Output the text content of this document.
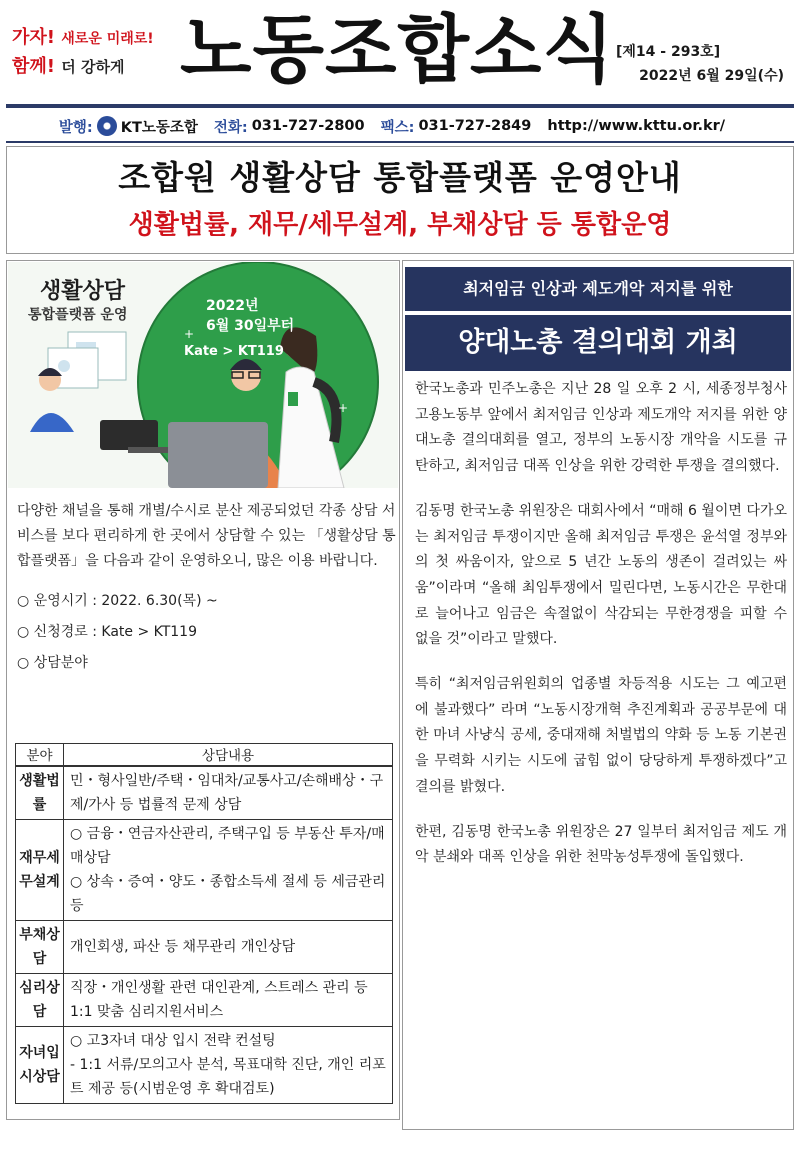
가자! 새로운 미래로!
함께! 더 강하게 노동조합소식 [제14 - 293호]
2022년 6월 29일(수)
발행: KT노동조합 전화: 031-727-2800 팩스: 031-727-2849 http://www.kttu.or.kr/
조합원 생활상담 통합플랫폼 운영안내
생활법률, 재무/세무설계, 부채상담 등 통합운영
+
+
생활상담
통합플랫폼 운영
2022년
6월 30일부터
Kate > KT119

다양한 채널을 통해 개별/수시로 분산 제공되었던 각종 상담 서비스를 보다 편리하게 한 곳에서 상담할 수 있는 「생활상담 통합플랫폼」을 다음과 같이 운영하오니, 많은 이용 바랍니다.

○ 운영시기 : 2022. 6.30(목) ~
○ 신청경로 : Kate > KT119
○ 상담분야
분야	상담내용
생활법률	민・형사일반/주택・임대차/교통사고/손해배상・구제/가사 등 법률적 문제 상담
재무세무설계	○ 금융・연금자산관리, 주택구입 등 부동산 투자/매매상담
○ 상속・증여・양도・종합소득세 절세 등 세금관리 등

부채상담	개인회생, 파산 등 채무관리 개인상담
심리상담	직장・개인생활 관련 대인관계, 스트레스 관리 등 1:1 맞춤 심리지원서비스
자녀입시상담	○ 고3자녀 대상 입시 전략 컨설팅
- 1:1 서류/모의고사 분석, 목표대학 진단, 개인 리포트 제공 등(시범운영 후 확대검토)
최저임금 인상과 제도개악 저지를 위한
양대노총 결의대회 개최

한국노총과 민주노총은 지난 28 일 오후 2 시, 세종정부청사 고용노동부 앞에서 최저임금 인상과 제도개악 저지를 위한 양대노총 결의대회를 열고, 정부의 노동시장 개악을 시도를 규탄하고, 최저임금 대폭 인상을 위한 강력한 투쟁을 결의했다.

김동명 한국노총 위원장은 대회사에서 “매해 6 월이면 다가오는 최저임금 투쟁이지만 올해 최저임금 투쟁은 윤석열 정부와의 첫 싸움이자, 앞으로 5 년간 노동의 생존이 걸려있는 싸움”이라며 “올해 최임투쟁에서 밀린다면, 노동시간은 무한대로 늘어나고 임금은 속절없이 삭감되는 무한경쟁을 피할 수 없을 것”이라고 말했다.

특히 “최저임금위원회의 업종별 차등적용 시도는 그 예고편에 불과했다” 라며 “노동시장개혁 추진계획과 공공부문에 대한 마녀 사냥식 공세, 중대재해 처벌법의 약화 등 노동 기본권을 무력화 시키는 시도에 굽힘 없이 당당하게 투쟁하겠다”고 결의를 밝혔다.

한편, 김동명 한국노총 위원장은 27 일부터 최저임금 제도 개악 분쇄와 대폭 인상을 위한 천막농성투쟁에 돌입했다.
